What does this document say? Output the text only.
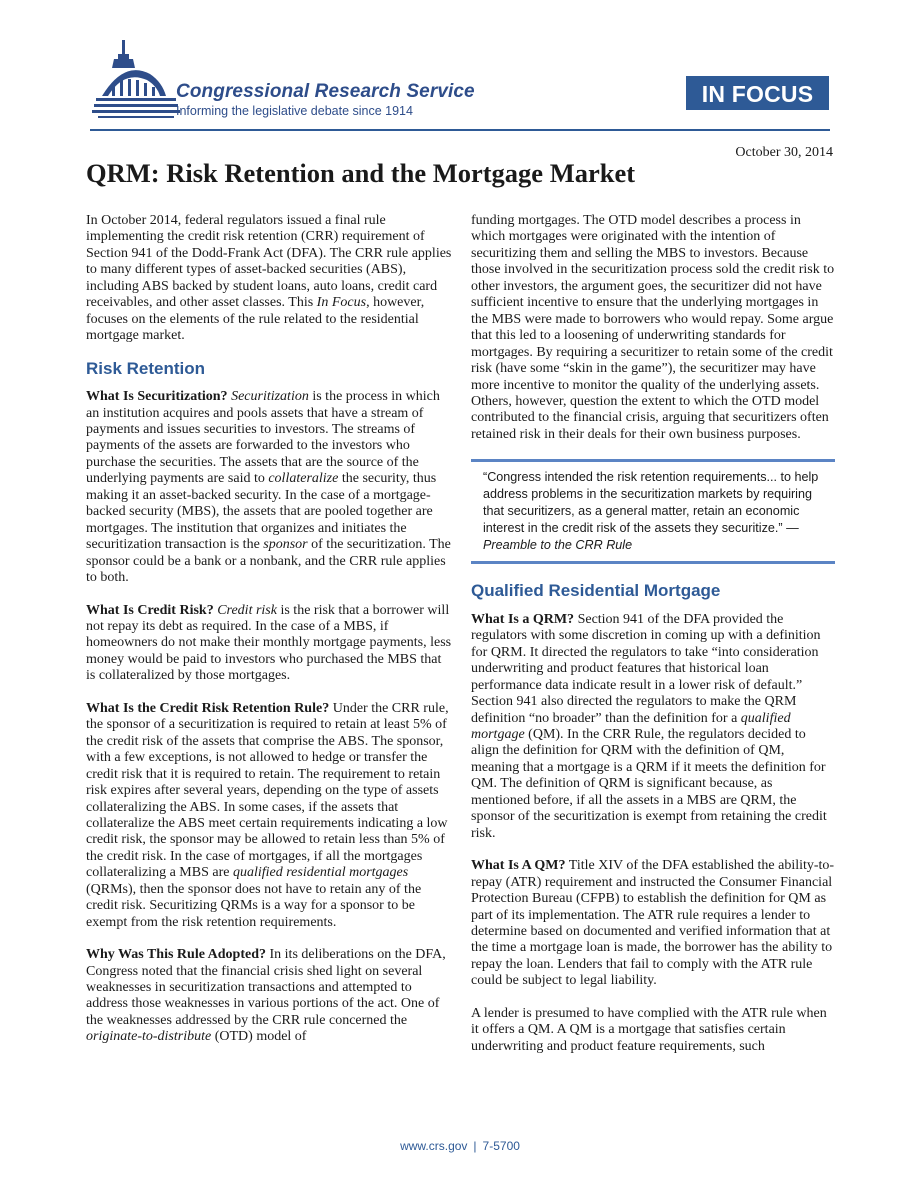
Congressional Research Service
Informing the legislative debate since 1914
IN FOCUS
October 30, 2014
QRM: Risk Retention and the Mortgage Market

In October 2014, federal regulators issued a final rule implementing the credit risk retention (CRR) requirement of Section 941 of the Dodd-Frank Act (DFA). The CRR rule applies to many different types of asset-backed securities (ABS), including ABS backed by student loans, auto loans, credit card receivables, and other asset classes. This In Focus, however, focuses on the elements of the rule related to the residential mortgage market.

Risk Retention

What Is Securitization? Securitization is the process in which an institution acquires and pools assets that have a stream of payments and issues securities to investors. The streams of payments of the assets are forwarded to the investors who purchase the securities. The assets that are the source of the underlying payments are said to collateralize the security, thus making it an asset-backed security. In the case of a mortgage-backed security (MBS), the assets that are pooled together are mortgages. The institution that organizes and initiates the securitization transaction is the sponsor of the securitization. The sponsor could be a bank or a nonbank, and the CRR rule applies to both.

What Is Credit Risk? Credit risk is the risk that a borrower will not repay its debt as required. In the case of a MBS, if homeowners do not make their monthly mortgage payments, less money would be paid to investors who purchased the MBS that is collateralized by those mortgages.

What Is the Credit Risk Retention Rule? Under the CRR rule, the sponsor of a securitization is required to retain at least 5% of the credit risk of the assets that comprise the ABS. The sponsor, with a few exceptions, is not allowed to hedge or transfer the credit risk that it is required to retain. The requirement to retain risk expires after several years, depending on the type of assets collateralizing the ABS. In some cases, if the assets that collateralize the ABS meet certain requirements indicating a low credit risk, the sponsor may be allowed to retain less than 5% of the credit risk. In the case of mortgages, if all the mortgages collateralizing a MBS are qualified residential mortgages (QRMs), then the sponsor does not have to retain any of the credit risk. Securitizing QRMs is a way for a sponsor to be exempt from the risk retention requirements.

Why Was This Rule Adopted? In its deliberations on the DFA, Congress noted that the financial crisis shed light on several weaknesses in securitization transactions and attempted to address those weaknesses in various portions of the act. One of the weaknesses addressed by the CRR rule concerned the originate-to-distribute (OTD) model of

funding mortgages. The OTD model describes a process in which mortgages were originated with the intention of securitizing them and selling the MBS to investors. Because those involved in the securitization process sold the credit risk to other investors, the argument goes, the securitizer did not have sufficient incentive to ensure that the underlying mortgages in the MBS were made to borrowers who would repay. Some argue that this led to a loosening of underwriting standards for mortgages. By requiring a securitizer to retain some of the credit risk (have some “skin in the game”), the securitizer may have more incentive to monitor the quality of the underlying assets. Others, however, question the extent to which the OTD model contributed to the financial crisis, arguing that securitizers often retained risk in their deals for their own business purposes.

“Congress intended the risk retention requirements... to help address problems in the securitization markets by requiring that securitizers, as a general matter, retain an economic interest in the credit risk of the assets they securitize.” — Preamble to the CRR Rule
Qualified Residential Mortgage

What Is a QRM? Section 941 of the DFA provided the regulators with some discretion in coming up with a definition for QRM. It directed the regulators to take “into consideration underwriting and product features that historical loan performance data indicate result in a lower risk of default.” Section 941 also directed the regulators to make the QRM definition “no broader” than the definition for a qualified mortgage (QM). In the CRR Rule, the regulators decided to align the definition for QRM with the definition of QM, meaning that a mortgage is a QRM if it meets the definition for QM. The definition of QRM is significant because, as mentioned before, if all the assets in a MBS are QRM, the sponsor of the securitization is exempt from retaining the credit risk.

What Is A QM? Title XIV of the DFA established the ability-to-repay (ATR) requirement and instructed the Consumer Financial Protection Bureau (CFPB) to establish the definition for QM as part of its implementation. The ATR rule requires a lender to determine based on documented and verified information that at the time a mortgage loan is made, the borrower has the ability to repay the loan. Lenders that fail to comply with the ATR rule could be subject to legal liability.

A lender is presumed to have complied with the ATR rule when it offers a QM. A QM is a mortgage that satisfies certain underwriting and product feature requirements, such

www.crs.gov | 7-5700
